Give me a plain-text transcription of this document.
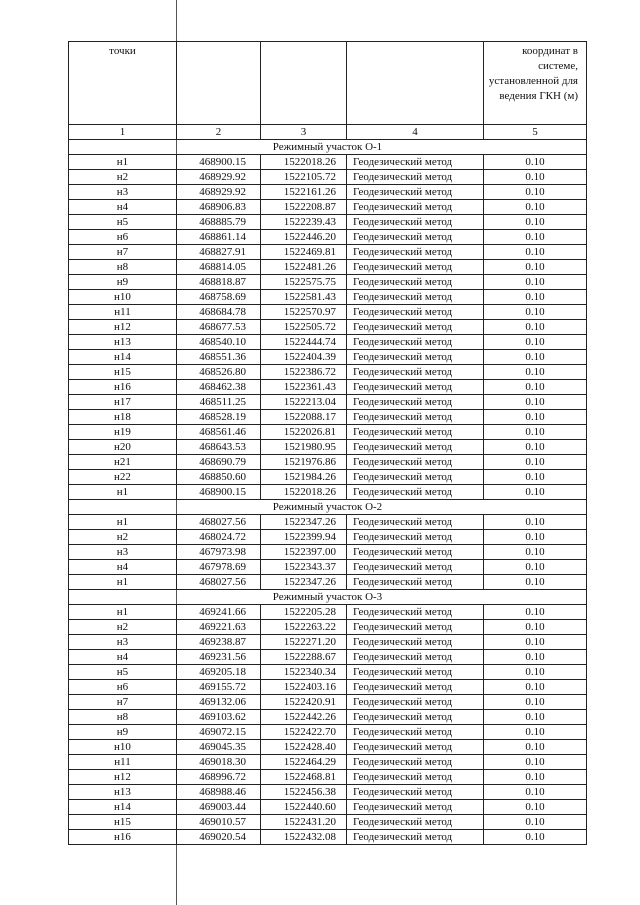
точки				координат в системе, установленной для ведения ГКН (м)
1	2	3	4	5
Режимный участок О-1				
н1	468900.15	1522018.26	Геодезический метод	0.10
н2	468929.92	1522105.72	Геодезический метод	0.10
н3	468929.92	1522161.26	Геодезический метод	0.10
н4	468906.83	1522208.87	Геодезический метод	0.10
н5	468885.79	1522239.43	Геодезический метод	0.10
н6	468861.14	1522446.20	Геодезический метод	0.10
н7	468827.91	1522469.81	Геодезический метод	0.10
н8	468814.05	1522481.26	Геодезический метод	0.10
н9	468818.87	1522575.75	Геодезический метод	0.10
н10	468758.69	1522581.43	Геодезический метод	0.10
н11	468684.78	1522570.97	Геодезический метод	0.10
н12	468677.53	1522505.72	Геодезический метод	0.10
н13	468540.10	1522444.74	Геодезический метод	0.10
н14	468551.36	1522404.39	Геодезический метод	0.10
н15	468526.80	1522386.72	Геодезический метод	0.10
н16	468462.38	1522361.43	Геодезический метод	0.10
н17	468511.25	1522213.04	Геодезический метод	0.10
н18	468528.19	1522088.17	Геодезический метод	0.10
н19	468561.46	1522026.81	Геодезический метод	0.10
н20	468643.53	1521980.95	Геодезический метод	0.10
н21	468690.79	1521976.86	Геодезический метод	0.10
н22	468850.60	1521984.26	Геодезический метод	0.10
н1	468900.15	1522018.26	Геодезический метод	0.10
Режимный участок О-2				
н1	468027.56	1522347.26	Геодезический метод	0.10
н2	468024.72	1522399.94	Геодезический метод	0.10
н3	467973.98	1522397.00	Геодезический метод	0.10
н4	467978.69	1522343.37	Геодезический метод	0.10
н1	468027.56	1522347.26	Геодезический метод	0.10
Режимный участок О-3				
н1	469241.66	1522205.28	Геодезический метод	0.10
н2	469221.63	1522263.22	Геодезический метод	0.10
н3	469238.87	1522271.20	Геодезический метод	0.10
н4	469231.56	1522288.67	Геодезический метод	0.10
н5	469205.18	1522340.34	Геодезический метод	0.10
н6	469155.72	1522403.16	Геодезический метод	0.10
н7	469132.06	1522420.91	Геодезический метод	0.10
н8	469103.62	1522442.26	Геодезический метод	0.10
н9	469072.15	1522422.70	Геодезический метод	0.10
н10	469045.35	1522428.40	Геодезический метод	0.10
н11	469018.30	1522464.29	Геодезический метод	0.10
н12	468996.72	1522468.81	Геодезический метод	0.10
н13	468988.46	1522456.38	Геодезический метод	0.10
н14	469003.44	1522440.60	Геодезический метод	0.10
н15	469010.57	1522431.20	Геодезический метод	0.10
н16	469020.54	1522432.08	Геодезический метод	0.10
